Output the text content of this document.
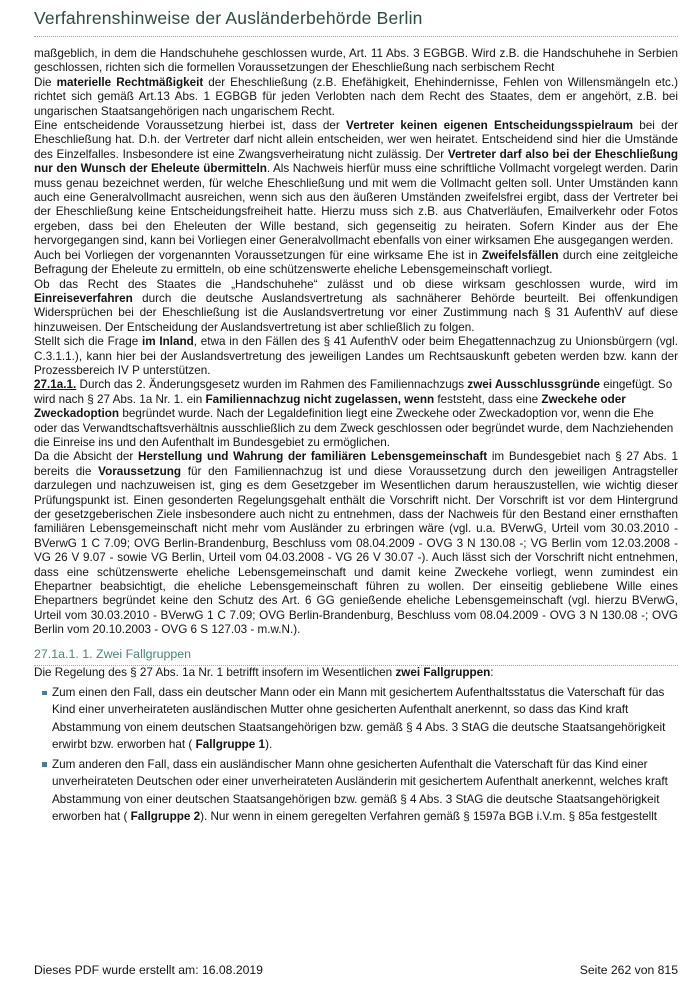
Verfahrenshinweise der Ausländerbehörde Berlin

maßgeblich, in dem die Handschuhehe geschlossen wurde, Art. 11 Abs. 3 EGBGB. Wird z.B. die Handschuhehe in Serbien geschlossen, richten sich die formellen Voraussetzungen der Eheschließung nach serbischem Recht

Die materielle Rechtmäßigkeit der Eheschließung (z.B. Ehefähigkeit, Ehehindernisse, Fehlen von Willensmängeln etc.) richtet sich gemäß Art.13 Abs. 1 EGBGB für jeden Verlobten nach dem Recht des Staates, dem er angehört, z.B. bei ungarischen Staatsangehörigen nach ungarischem Recht.

Eine entscheidende Voraussetzung hierbei ist, dass der Vertreter keinen eigenen Entscheidungsspielraum bei der Eheschließung hat. D.h. der Vertreter darf nicht allein entscheiden, wer wen heiratet. Entscheidend sind hier die Umstände des Einzelfalles. Insbesondere ist eine Zwangsverheiratung nicht zulässig. Der Vertreter darf also bei der Eheschließung nur den Wunsch der Eheleute übermitteln. Als Nachweis hierfür muss eine schriftliche Vollmacht vorgelegt werden. Darin muss genau bezeichnet werden, für welche Eheschließung und mit wem die Vollmacht gelten soll. Unter Umständen kann auch eine Generalvollmacht ausreichen, wenn sich aus den äußeren Umständen zweifelsfrei ergibt, dass der Vertreter bei der Eheschließung keine Entscheidungsfreiheit hatte. Hierzu muss sich z.B. aus Chatverläufen, Emailverkehr oder Fotos ergeben, dass bei den Eheleuten der Wille bestand, sich gegenseitig zu heiraten. Sofern Kinder aus der Ehe hervorgegangen sind, kann bei Vorliegen einer Generalvollmacht ebenfalls von einer wirksamen Ehe ausgegangen werden.

Auch bei Vorliegen der vorgenannten Voraussetzungen für eine wirksame Ehe ist in Zweifelsfällen durch eine zeitgleiche Befragung der Eheleute zu ermitteln, ob eine schützenswerte eheliche Lebensgemeinschaft vorliegt.

Ob das Recht des Staates die „Handschuhehe“ zulässt und ob diese wirksam geschlossen wurde, wird im Einreiseverfahren durch die deutsche Auslandsvertretung als sachnäherer Behörde beurteilt. Bei offenkundigen Widersprüchen bei der Eheschließung ist die Auslandsvertretung vor einer Zustimmung nach § 31 AufenthV auf diese hinzuweisen. Der Entscheidung der Auslandsvertretung ist aber schließlich zu folgen.

Stellt sich die Frage im Inland, etwa in den Fällen des § 41 AufenthV oder beim Ehegattennachzug zu Unionsbürgern (vgl. C.3.1.1.), kann hier bei der Auslandsvertretung des jeweiligen Landes um Rechtsauskunft gebeten werden bzw. kann der Prozessbereich IV P unterstützen.

27.1a.1. Durch das 2. Änderungsgesetz wurden im Rahmen des Familiennachzugs zwei Ausschlussgründe eingefügt. So wird nach § 27 Abs. 1a Nr. 1. ein Familiennachzug nicht zugelassen, wenn feststeht, dass eine Zweckehe oder Zweckadoption begründet wurde. Nach der Legaldefinition liegt eine Zweckehe oder Zweckadoption vor, wenn die Ehe oder das Verwandtschaftsverhältnis ausschließlich zu dem Zweck geschlossen oder begründet wurde, dem Nachziehenden die Einreise ins und den Aufenthalt im Bundesgebiet zu ermöglichen.

Da die Absicht der Herstellung und Wahrung der familiären Lebensgemeinschaft im Bundesgebiet nach § 27 Abs. 1 bereits die Voraussetzung für den Familiennachzug ist und diese Voraussetzung durch den jeweiligen Antragsteller darzulegen und nachzuweisen ist, ging es dem Gesetzgeber im Wesentlichen darum herauszustellen, wie wichtig dieser Prüfungspunkt ist. Einen gesonderten Regelungsgehalt enthält die Vorschrift nicht. Der Vorschrift ist vor dem Hintergrund der gesetzgeberischen Ziele insbesondere auch nicht zu entnehmen, dass der Nachweis für den Bestand einer ernsthaften familiären Lebensgemeinschaft nicht mehr vom Ausländer zu erbringen wäre (vgl. u.a. BVerwG, Urteil vom 30.03.2010 - BVerwG 1 C 7.09; OVG Berlin-Brandenburg, Beschluss vom 08.04.2009 - OVG 3 N 130.08 -; VG Berlin vom 12.03.2008 - VG 26 V 9.07 - sowie VG Berlin, Urteil vom 04.03.2008 - VG 26 V 30.07 -). Auch lässt sich der Vorschrift nicht entnehmen, dass eine schützenswerte eheliche Lebensgemeinschaft und damit keine Zweckehe vorliegt, wenn zumindest ein Ehepartner beabsichtigt, die eheliche Lebensgemeinschaft führen zu wollen. Der einseitig gebliebene Wille eines Ehepartners begründet keine den Schutz des Art. 6 GG genießende eheliche Lebensgemeinschaft (vgl. hierzu BVerwG, Urteil vom 30.03.2010 - BVerwG 1 C 7.09; OVG Berlin-Brandenburg, Beschluss vom 08.04.2009 - OVG 3 N 130.08 -; OVG Berlin vom 20.10.2003 - OVG 6 S 127.03 - m.w.N.).

27.1a.1. 1. Zwei Fallgruppen

Die Regelung des § 27 Abs. 1a Nr. 1 betrifft insofern im Wesentlichen zwei Fallgruppen:

Zum einen den Fall, dass ein deutscher Mann oder ein Mann mit gesichertem Aufenthaltsstatus die Vaterschaft für das Kind einer unverheirateten ausländischen Mutter ohne gesicherten Aufenthalt anerkennt, so dass das Kind kraft Abstammung von einem deutschen Staatsangehörigen bzw. gemäß § 4 Abs. 3 StAG die deutsche Staatsangehörigkeit erwirbt bzw. erworben hat ( Fallgruppe 1).
Zum anderen den Fall, dass ein ausländischer Mann ohne gesicherten Aufenthalt die Vaterschaft für das Kind einer unverheirateten Deutschen oder einer unverheirateten Ausländerin mit gesichertem Aufenthalt anerkennt, welches kraft Abstammung von einer deutschen Staatsangehörigen bzw. gemäß § 4 Abs. 3 StAG die deutsche Staatsangehörigkeit erworben hat ( Fallgruppe 2). Nur wenn in einem geregelten Verfahren gemäß § 1597a BGB i.V.m. § 85a festgestellt
Dieses PDF wurde erstellt am: 16.08.2019	Seite 262 von 815
